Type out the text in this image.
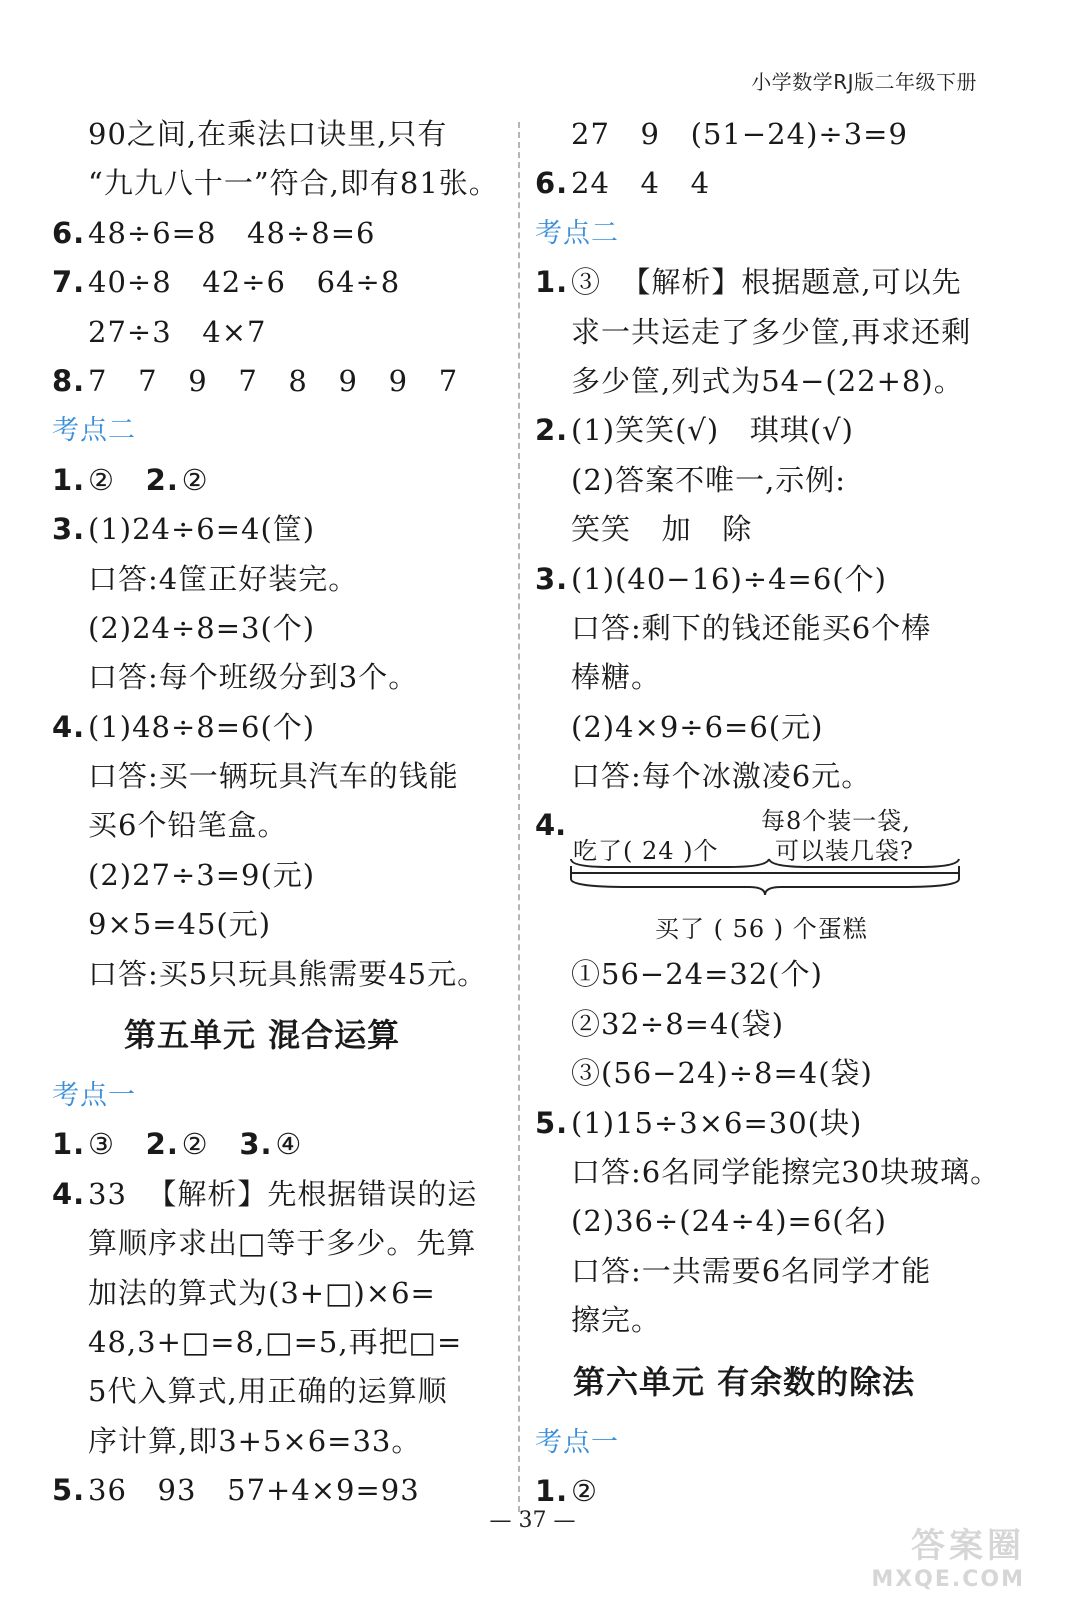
小学数学RJ版二年级下册
90之间,在乘法口诀里,只有
“九九八十一”符合,即有81张。
6.48÷6=8   48÷8=6
7.40÷8   42÷6   64÷8
27÷3   4×7
8.7   7   9   7   8   9   9   7
考点二
1.②   2.②
3.(1)24÷6=4(筐)
口答:4筐正好装完。
(2)24÷8=3(个)
口答:每个班级分到3个。
4.(1)48÷8=6(个)
口答:买一辆玩具汽车的钱能
买6个铅笔盒。
(2)27÷3=9(元)
9×5=45(元)
口答:买5只玩具熊需要45元。
第五单元 混合运算
考点一
1.③   2.②   3.④
4.33  【解析】先根据错误的运
算顺序求出□等于多少。先算
加法的算式为(3+□)×6=
48,3+□=8,□=5,再把□=
5代入算式,用正确的运算顺
序计算,即3+5×6=33。
5.36   93   57+4×9=93
27   9   (51−24)÷3=9
6.24   4   4
考点二
1.③  【解析】根据题意,可以先
求一共运走了多少筐,再求还剩
多少筐,列式为54−(22+8)。
2.(1)笑笑(√)   琪琪(√)
(2)答案不唯一,示例:
笑笑   加   除
3.(1)(40−16)÷4=6(个)
口答:剩下的钱还能买6个棒
棒糖。
(2)4×9÷6=6(元)
口答:每个冰激凌6元。
4.	每8个装一袋,
可以装几袋?
吃了( 24 )个
买了 ( 56 ) 个蛋糕
①56−24=32(个)
②32÷8=4(袋)
③(56−24)÷8=4(袋)
5.(1)15÷3×6=30(块)
口答:6名同学能擦完30块玻璃。
(2)36÷(24÷4)=6(名)
口答:一共需要6名同学才能
擦完。
第六单元 有余数的除法
考点一
1.②
— 37 —
答案圈
MXQE.COM
